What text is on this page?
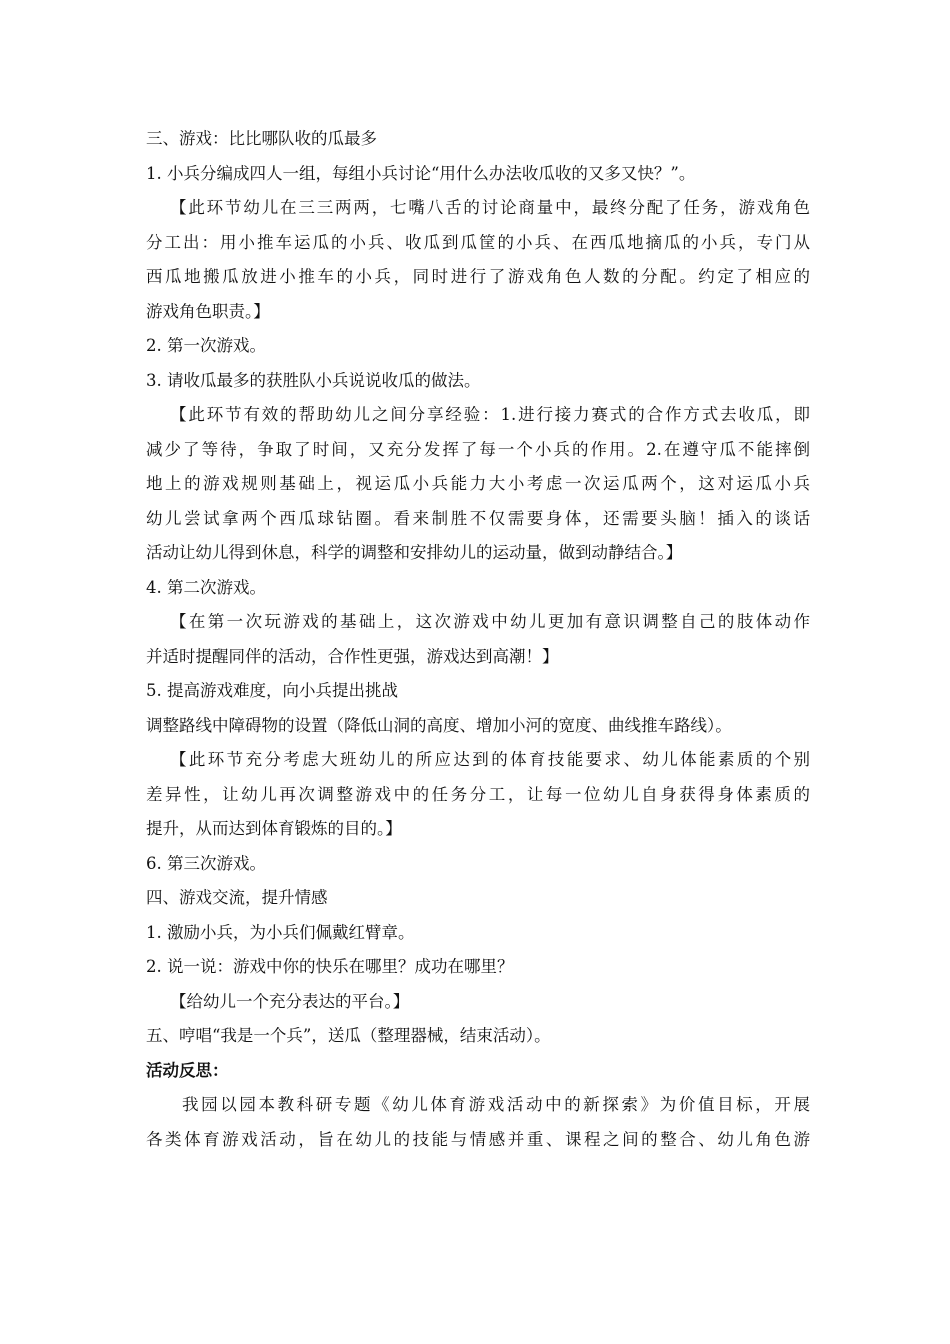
三、游戏：比比哪队收的瓜最多
1. 小兵分编成四人一组，每组小兵讨论“用什么办法收瓜收的又多又快？”。
【此环节幼儿在三三两两，七嘴八舌的讨论商量中，最终分配了任务，游戏角色
分工出：用小推车运瓜的小兵、收瓜到瓜筐的小兵、在西瓜地摘瓜的小兵，专门从
西瓜地搬瓜放进小推车的小兵，同时进行了游戏角色人数的分配。约定了相应的
游戏角色职责。】
2. 第一次游戏。
3. 请收瓜最多的获胜队小兵说说收瓜的做法。
【此环节有效的帮助幼儿之间分享经验：1.进行接力赛式的合作方式去收瓜，即
减少了等待，争取了时间，又充分发挥了每一个小兵的作用。2.在遵守瓜不能摔倒
地上的游戏规则基础上，视运瓜小兵能力大小考虑一次运瓜两个，这对运瓜小兵
幼儿尝试拿两个西瓜球钻圈。看来制胜不仅需要身体，还需要头脑！插入的谈话
活动让幼儿得到休息，科学的调整和安排幼儿的运动量，做到动静结合。】
4. 第二次游戏。
【在第一次玩游戏的基础上，这次游戏中幼儿更加有意识调整自己的肢体动作
并适时提醒同伴的活动，合作性更强，游戏达到高潮！】
5. 提高游戏难度，向小兵提出挑战
调整路线中障碍物的设置（降低山洞的高度、增加小河的宽度、曲线推车路线）。
【此环节充分考虑大班幼儿的所应达到的体育技能要求、幼儿体能素质的个别
差异性，让幼儿再次调整游戏中的任务分工，让每一位幼儿自身获得身体素质的
提升，从而达到体育锻炼的目的。】
6. 第三次游戏。
四、游戏交流，提升情感
1. 激励小兵，为小兵们佩戴红臂章。
2. 说一说：游戏中你的快乐在哪里？成功在哪里？
【给幼儿一个充分表达的平台。】
五、哼唱“我是一个兵”，送瓜（整理器械，结束活动）。
活动反思：
我园以园本教科研专题《幼儿体育游戏活动中的新探索》为价值目标，开展
各类体育游戏活动，旨在幼儿的技能与情感并重、课程之间的整合、幼儿角色游
